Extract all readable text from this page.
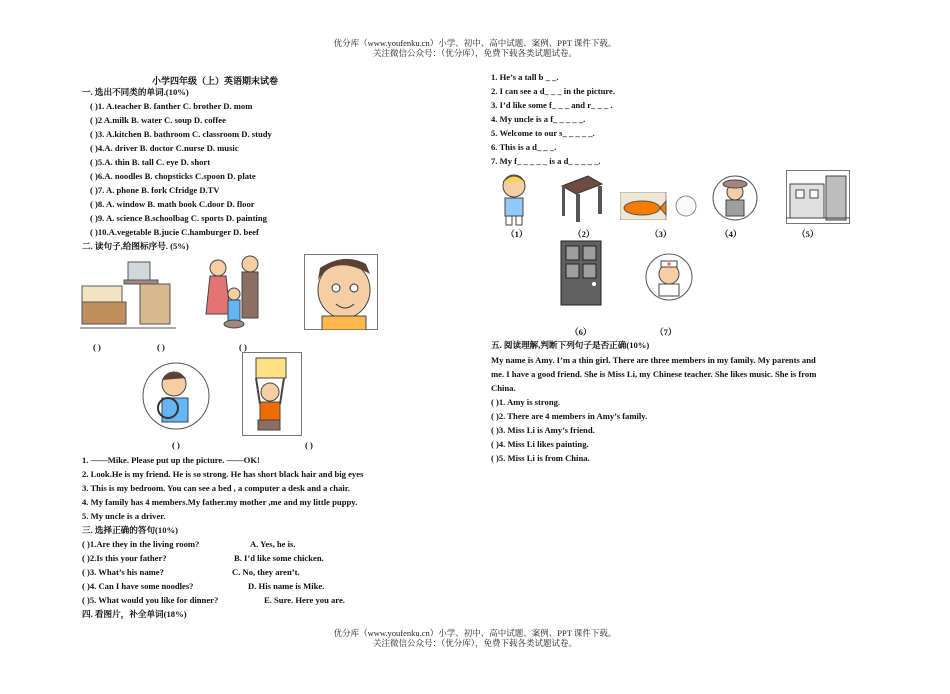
优分库（www.youfenku.cn）小学、初中、高中试题、案例、PPT 课件下载。
关注微信公众号：（优分库），免费下载各类试题试卷。
小学四年级（上）英语期末试卷
一. 选出不同类的单词.(10%)
( )1. A.teacher B. fanther C. brother D. mom
( )2 A.milk B. water C. soup D. coffee
( )3. A.kitchen B. bathroom C. classroom D. study
( )4.A. driver B. doctor C.nurse D. music
( )5.A. thin B. tall C. eye D. short
( )6.A. noodles B. chopsticks C.spoon D. plate
( )7. A. phone B. fork Cfridge D.TV
( )8. A. window B. math book C.door D. floor
( )9. A. science B.schoolbag C. sports D. painting
( )10.A.vegetable B.jucie C.hamburger D. beef
二. 读句子,给图标序号. (5%)
( )	( )	( )
( )	( )
1. ——Mike. Please put up the picture. ——OK!
2. Look.He is my friend. He is so strong. He has short black hair and big eyes
3. This is my bedroom. You can see a bed , a computer a desk and a chair.
4. My family has 4 members.My father.my mother ,me and my little puppy.
5. My uncle is a driver.
三. 选择正确的答句(10%)
( )1.Are they in the living room?	A. Yes, he is.
( )2.Is this your father?	B. I’d like some chicken.
( )3. What’s his name?	C. No, they aren’t.
( )4. Can I have some noodles?	D. His name is Mike.
( )5. What would you like for dinner?	E. Sure. Here you are.
四. 看图片，补全单词(18%)
1. He’s a tall b _ _.
2. I can see a d_ _ _ in the picture.
3. I’d like some f_ _ _ and r_ _ _ .
4. My uncle is a f_ _ _ _ _.
5. Welcome to our s_ _ _ _ _.
6. This is a d_ _ _.
7. My f_ _ _ _ _ is a d_ _ _ _ _.
（1）	（2）	（3）	（4）	（5）
（6）	（7）
五. 阅读理解,判断下列句子是否正确(10%)
My name is Amy. I’m a thin girl. There are three members in my family. My parents and
me. I have a good friend. She is Miss Li, my Chinese teacher. She likes music. She is from
China.
( )1. Amy is strong.
( )2. There are 4 members in Amy’s family.
( )3. Miss Li is Amy’s friend.
( )4. Miss Li likes painting.
( )5. Miss Li is from China.
优分库（www.youfenku.cn）小学、初中、高中试题、案例、PPT 课件下载。
关注微信公众号：（优分库），免费下载各类试题试卷。
